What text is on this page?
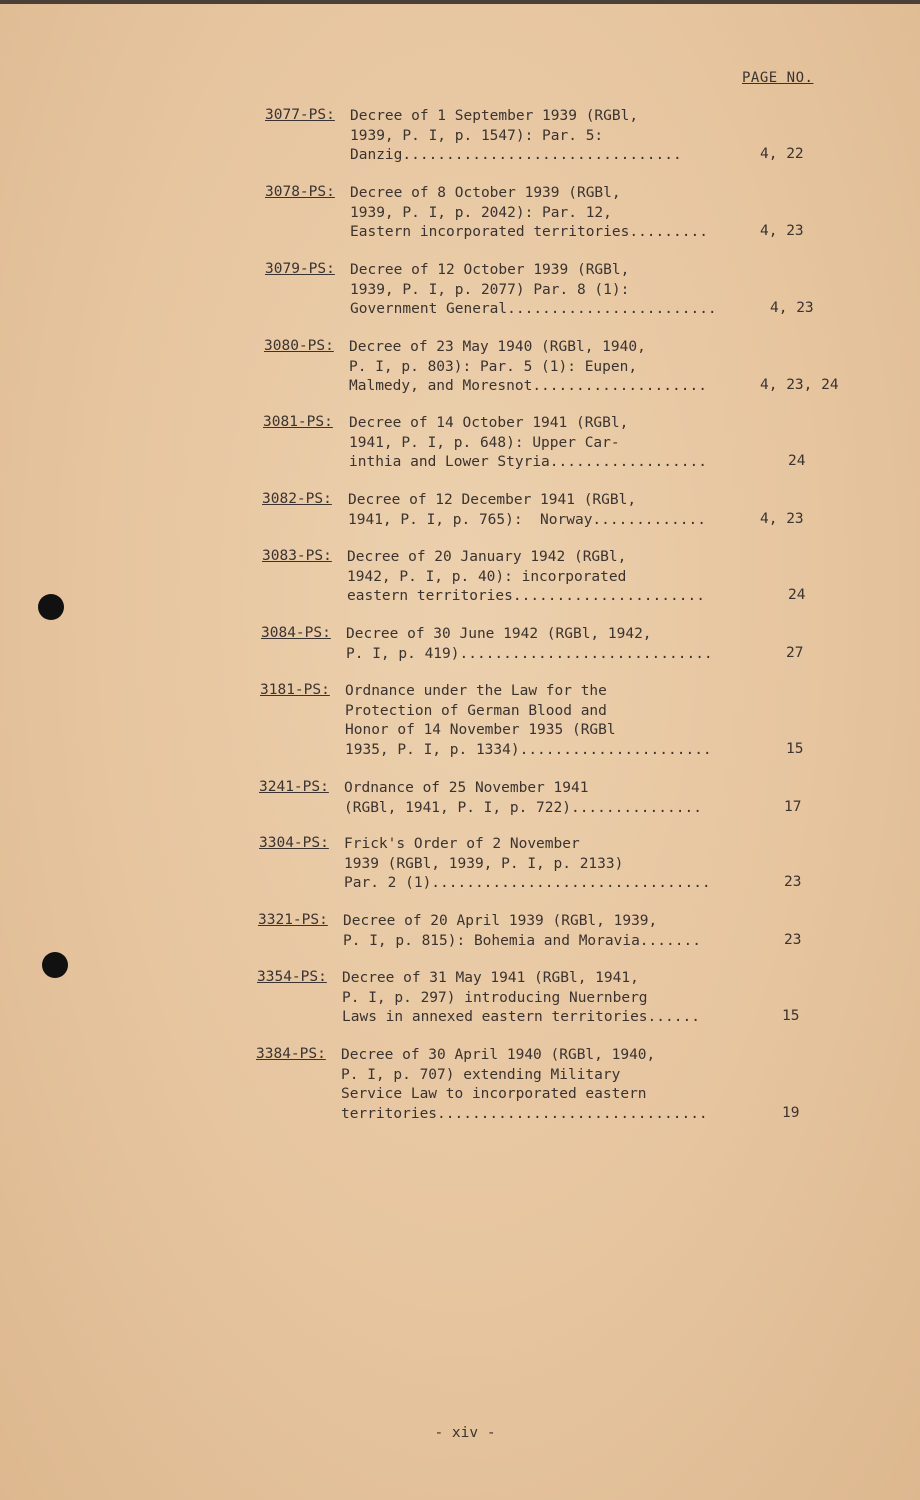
PAGE NO.
3077-PS: Decree of 1 September 1939 (RGBl,
1939, P. I, p. 1547): Par. 5:
Danzig................................	4, 22
3078-PS: Decree of 8 October 1939 (RGBl,
1939, P. I, p. 2042): Par. 12,
Eastern incorporated territories.........	4, 23
3079-PS: Decree of 12 October 1939 (RGBl,
1939, P. I, p. 2077) Par. 8 (1):
Government General........................	4, 23
3080-PS: Decree of 23 May 1940 (RGBl, 1940,
P. I, p. 803): Par. 5 (1): Eupen,
Malmedy, and Moresnot....................	4, 23, 24
3081-PS: Decree of 14 October 1941 (RGBl,
1941, P. I, p. 648): Upper Car-
inthia and Lower Styria..................	24
3082-PS: Decree of 12 December 1941 (RGBl,
1941, P. I, p. 765):  Norway.............	4, 23
3083-PS: Decree of 20 January 1942 (RGBl,
1942, P. I, p. 40): incorporated
eastern territories......................	24
3084-PS: Decree of 30 June 1942 (RGBl, 1942,
P. I, p. 419).............................	27
3181-PS: Ordnance under the Law for the
Protection of German Blood and
Honor of 14 November 1935 (RGBl
1935, P. I, p. 1334)......................	15
3241-PS: Ordnance of 25 November 1941
(RGBl, 1941, P. I, p. 722)...............	17
3304-PS: Frick's Order of 2 November
1939 (RGBl, 1939, P. I, p. 2133)
Par. 2 (1)................................	23
3321-PS: Decree of 20 April 1939 (RGBl, 1939,
P. I, p. 815): Bohemia and Moravia.......	23
3354-PS: Decree of 31 May 1941 (RGBl, 1941,
P. I, p. 297) introducing Nuernberg
Laws in annexed eastern territories......	15
3384-PS: Decree of 30 April 1940 (RGBl, 1940,
P. I, p. 707) extending Military
Service Law to incorporated eastern
territories...............................	19
- xiv -
